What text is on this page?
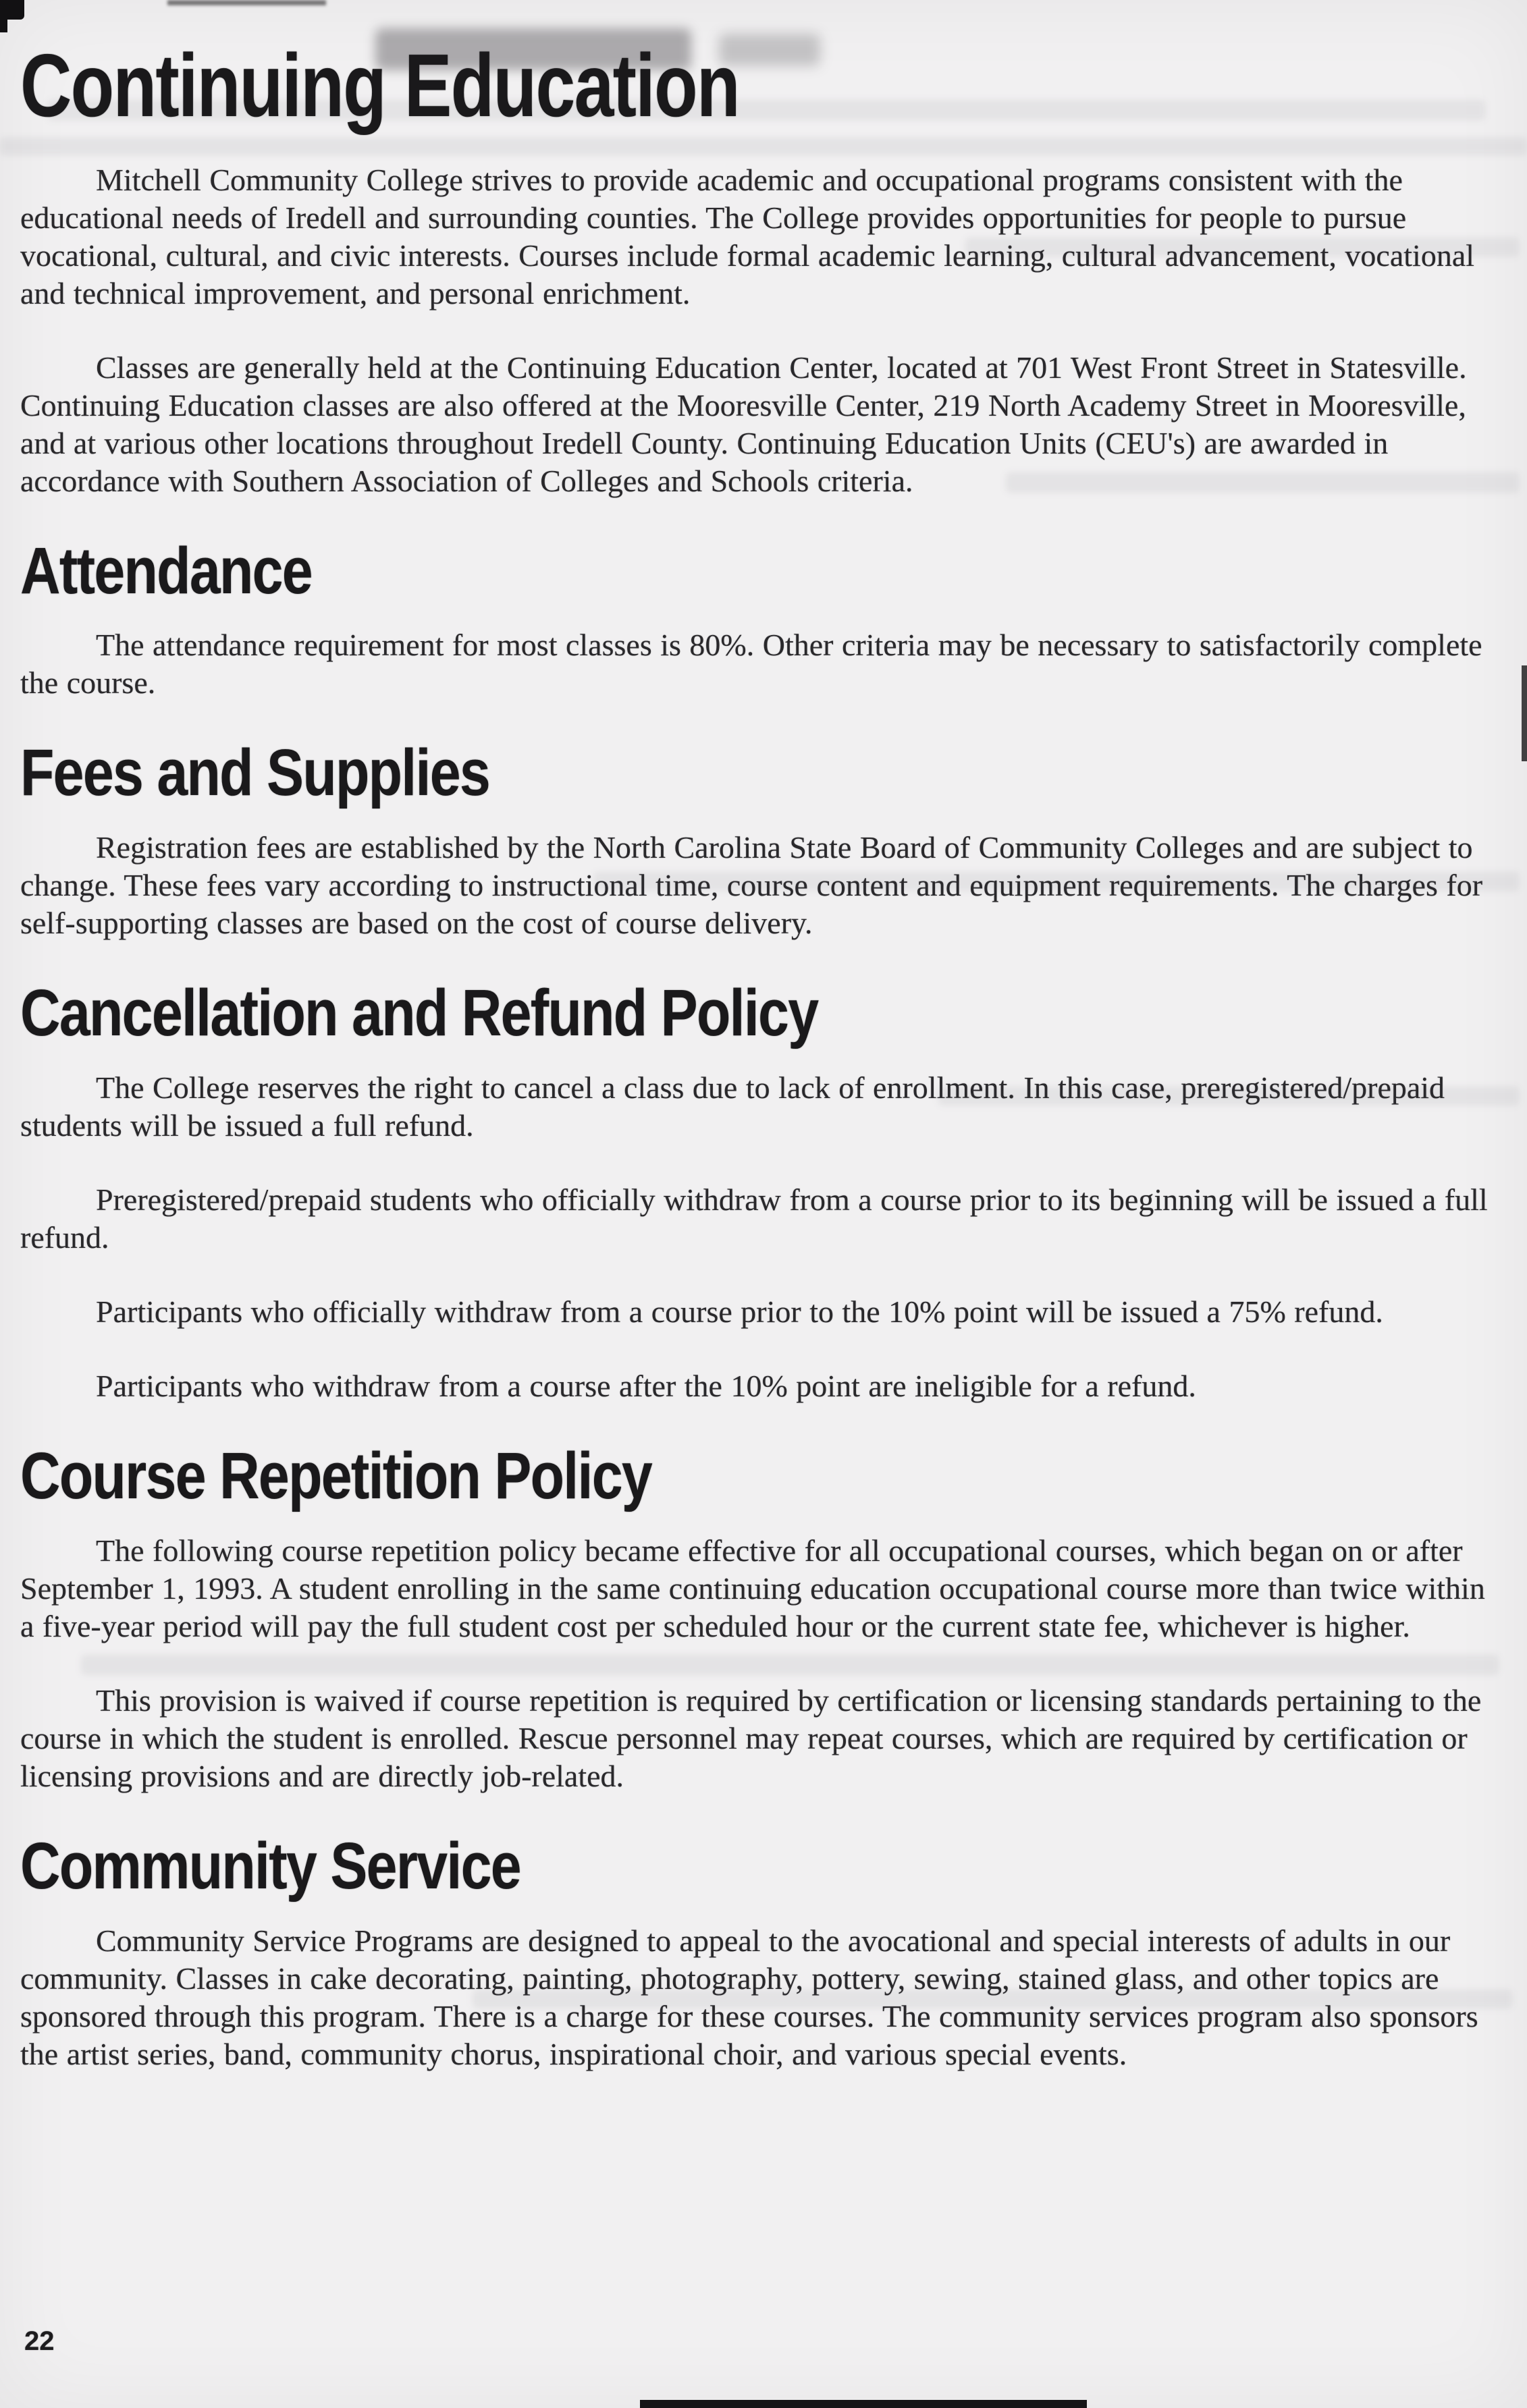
Continuing Education

Mitchell Community College strives to provide academic and occupational programs consistent with the educational needs of Iredell and surrounding counties. The College provides opportunities for people to pursue vocational, cultural, and civic interests. Courses include formal academic learning, cultural advancement, vocational and technical improvement, and personal enrichment.

Classes are generally held at the Continuing Education Center, located at 701 West Front Street in Statesville. Continuing Education classes are also offered at the Mooresville Center, 219 North Academy Street in Mooresville, and at various other locations throughout Iredell County. Continuing Education Units (CEU's) are awarded in accordance with Southern Association of Colleges and Schools criteria.

Attendance

The attendance requirement for most classes is 80%. Other criteria may be necessary to satisfactorily complete the course.

Fees and Supplies

Registration fees are established by the North Carolina State Board of Community Colleges and are subject to change. These fees vary according to instructional time, course content and equipment requirements. The charges for self-supporting classes are based on the cost of course delivery.

Cancellation and Refund Policy

The College reserves the right to cancel a class due to lack of enrollment. In this case, preregistered/prepaid students will be issued a full refund.

Preregistered/prepaid students who officially withdraw from a course prior to its beginning will be issued a full refund.

Participants who officially withdraw from a course prior to the 10% point will be issued a 75% refund.

Participants who withdraw from a course after the 10% point are ineligible for a refund.

Course Repetition Policy

The following course repetition policy became effective for all occupational courses, which began on or after September 1, 1993. A student enrolling in the same continuing education occupational course more than twice within a five-year period will pay the full student cost per scheduled hour or the current state fee, whichever is higher.

This provision is waived if course repetition is required by certification or licensing standards pertaining to the course in which the student is enrolled. Rescue personnel may repeat courses, which are required by certification or licensing provisions and are directly job-related.

Community Service

Community Service Programs are designed to appeal to the avocational and special interests of adults in our community. Classes in cake decorating, painting, photography, pottery, sewing, stained glass, and other topics are sponsored through this program. There is a charge for these courses. The community services program also sponsors the artist series, band, community chorus, inspirational choir, and various special events.

22
